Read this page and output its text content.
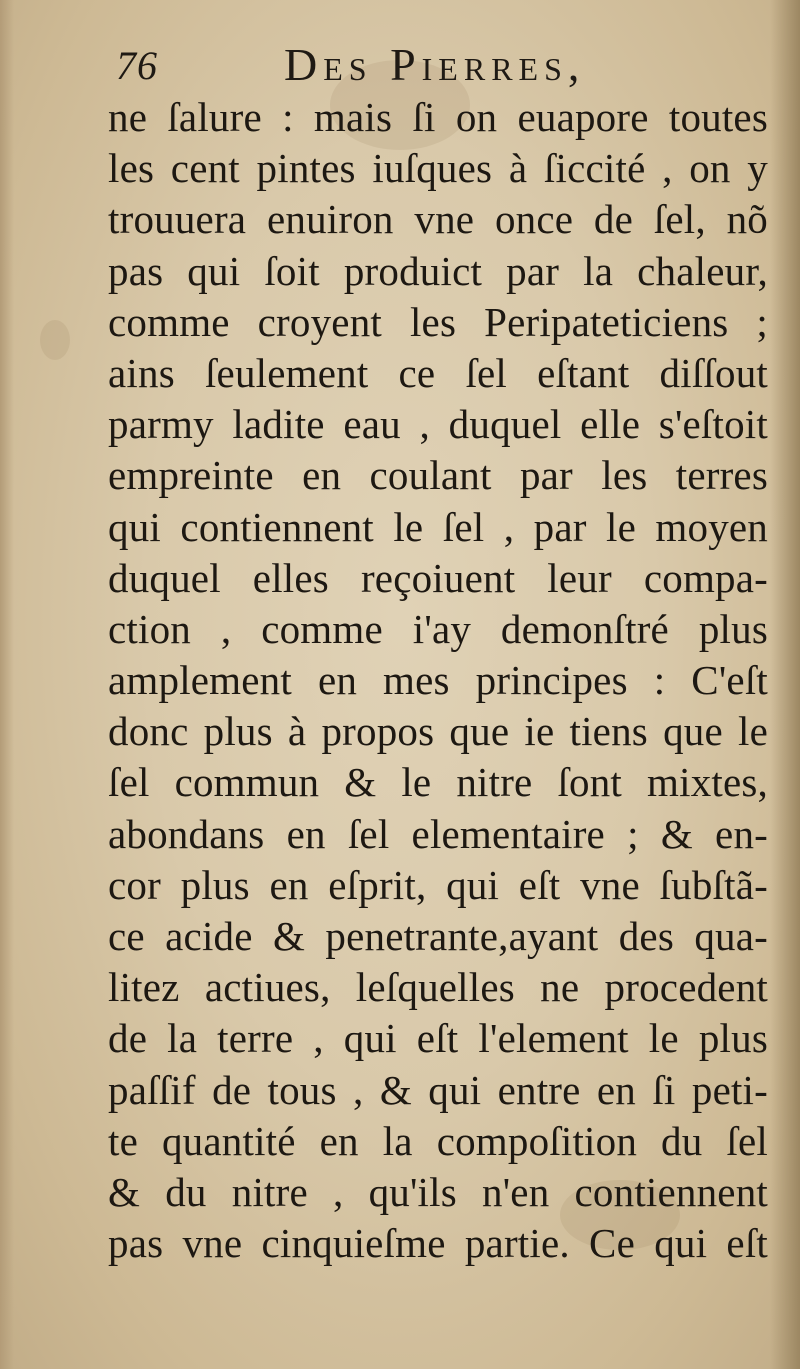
76	Des Pierres,
ne ſalure : mais ſi on euapore toutes
les cent pintes iuſques à ſiccité , on y
trouuera enuiron vne once de ſel, nõ
pas qui ſoit produict par la chaleur,
comme croyent les Peripateticiens ;
ains ſeulement ce ſel eſtant diſſout
parmy ladite eau , duquel elle s'eſtoit
empreinte en coulant par les terres
qui contiennent le ſel , par le moyen
duquel elles reçoiuent leur compa-
ction , comme i'ay demonſtré plus
amplement en mes principes : C'eſt
donc plus à propos que ie tiens que le
ſel commun & le nitre ſont mixtes,
abondans en ſel elementaire ; & en-
cor plus en eſprit, qui eſt vne ſubſtã-
ce acide & penetrante,ayant des qua-
litez actiues, leſquelles ne procedent
de la terre , qui eſt l'element le plus
paſſif de tous , & qui entre en ſi peti-
te quantité en la compoſition du ſel
& du nitre , qu'ils n'en contiennent
pas vne cinquieſme partie. Ce qui eſt
